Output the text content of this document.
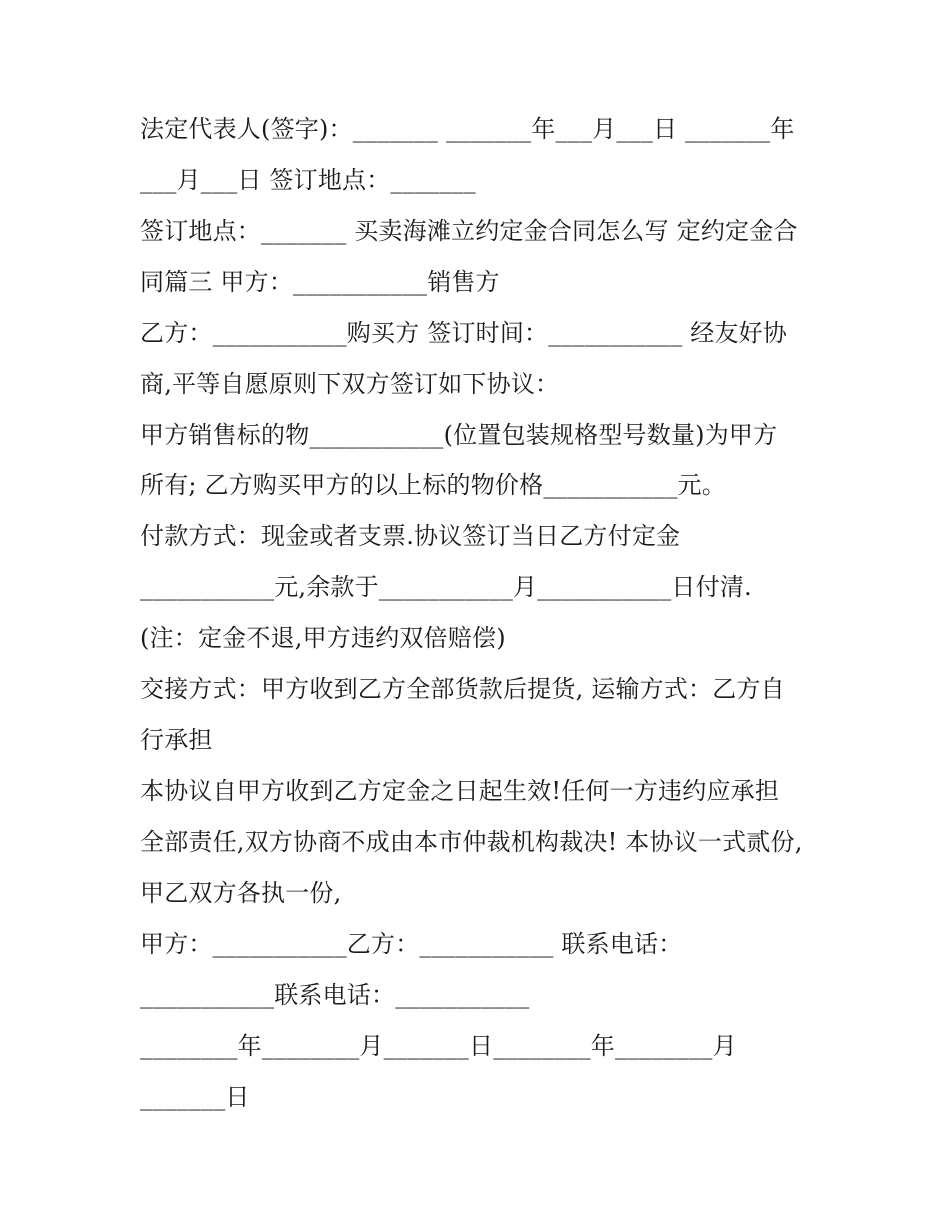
法定代表人(签字)：_______ _______年___月___日 _______年

___月___日 签订地点：_______

签订地点：_______ 买卖海滩立约定金合同怎么写 定约定金合

同篇三 甲方：___________销售方

乙方：___________购买方 签订时间：___________ 经友好协

商,平等自愿原则下双方签订如下协议：

甲方销售标的物___________(位置包装规格型号数量)为甲方

所有; 乙方购买甲方的以上标的物价格___________元。

付款方式：现金或者支票.协议签订当日乙方付定金

___________元,余款于___________月___________日付清.

(注：定金不退,甲方违约双倍赔偿)

交接方式：甲方收到乙方全部货款后提货, 运输方式：乙方自

行承担

本协议自甲方收到乙方定金之日起生效!任何一方违约应承担

全部责任,双方协商不成由本市仲裁机构裁决! 本协议一式贰份,

甲乙双方各执一份,

甲方：___________乙方：___________ 联系电话：

___________联系电话：___________

________年________月_______日________年________月

_______日
